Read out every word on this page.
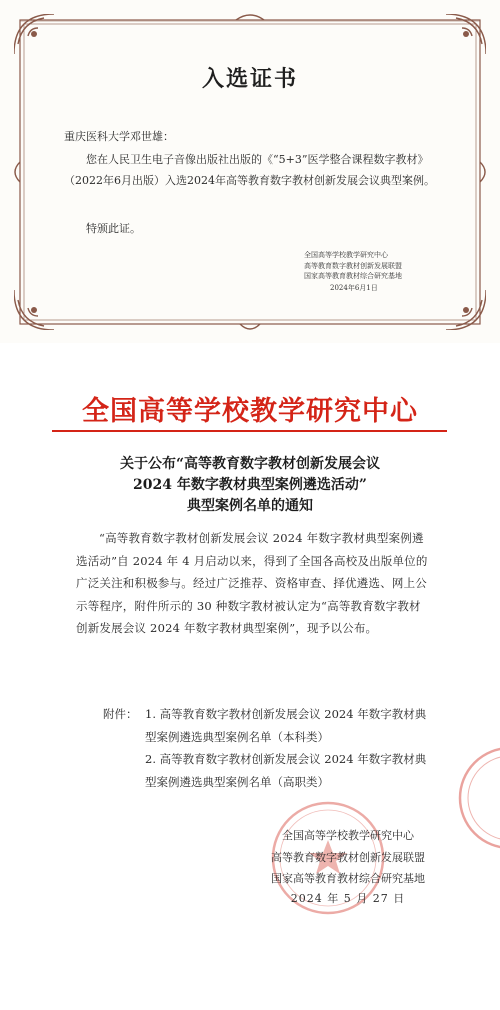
入选证书
重庆医科大学邓世雄：
您在人民卫生电子音像出版社出版的《“5+3”医学整合课程数字教材》（2022年6月出版）入选2024年高等教育数字教材创新发展会议典型案例。
特颁此证。
全国高等学校教学研究中心
高等教育数字教材创新发展联盟
国家高等教育教材综合研究基地
2024年6月1日
全国高等学校教学研究中心
关于公布“高等教育数字教材创新发展会议
2024 年数字教材典型案例遴选活动”
典型案例名单的通知
“高等教育数字教材创新发展会议 2024 年数字教材典型案例遴选活动”自 2024 年 4 月启动以来，得到了全国各高校及出版单位的广泛关注和积极参与。经过广泛推荐、资格审查、择优遴选、网上公示等程序，附件所示的 30 种数字教材被认定为“高等教育数字教材创新发展会议 2024 年数字教材典型案例”，现予以公布。
附件： 1. 高等教育数字教材创新发展会议 2024 年数字教材典型案例遴选典型案例名单（本科类）
2. 高等教育数字教材创新发展会议 2024 年数字教材典型案例遴选典型案例名单（高职类）
全国高等学校教学研究中心
高等教育数字教材创新发展联盟
国家高等教育教材综合研究基地
2024 年 5 月 27 日
